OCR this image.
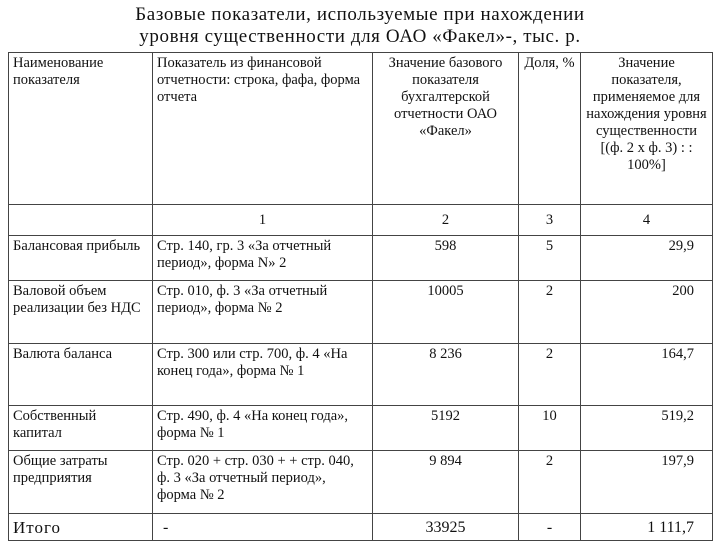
Базовые показатели, используемые при нахождении
уровня существенности для ОАО «Факел»-, тыс. р.
Наименование показателя	Показатель из финансовой отчетности: строка, фафа, форма отчета	Значение базового показателя бухгалтерской отчетности ОАО «Факел»	Доля, %	Значение показателя, применяемое для нахождения уровня существенности [(ф. 2 х ф. 3) : : 100%]
	1	2	3	4
Балансовая прибыль	Стр. 140, гр. 3 «За отчетный период», форма N» 2	598	5	29,9
Валовой объем реализации без НДС	Стр. 010, ф. 3 «За отчетный период», форма № 2	10005	2	200
Валюта баланса	Стр. 300 или стр. 700, ф. 4 «На конец года», форма № 1	8 236	2	164,7
Собственный капитал	Стр. 490, ф. 4 «На конец года», форма № 1	5192	10	519,2
Общие затраты предприятия	Стр. 020 + стр. 030 + + стр. 040, ф. 3 «За отчетный период», форма № 2	9 894	2	197,9
Итого	-	33925	-	1 111,7
